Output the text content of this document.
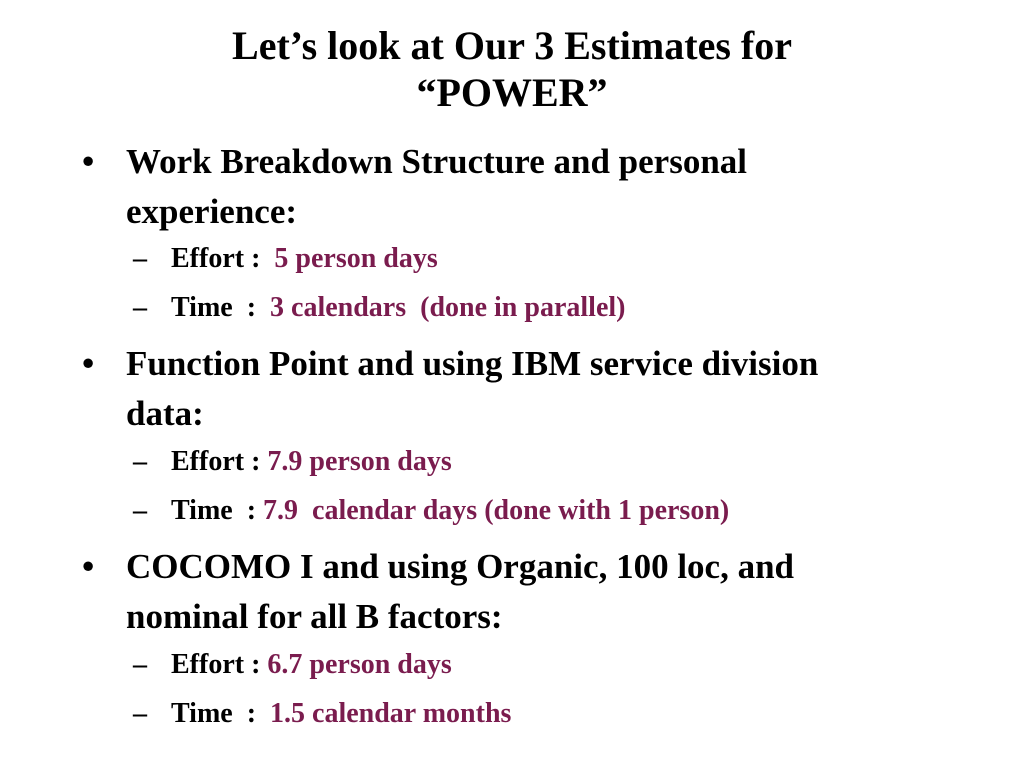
Let’s look at Our 3 Estimates for
“POWER”
• Work Breakdown Structure and personal
experience:
– Effort :  5 person days
– Time  :  3 calendars  (done in parallel)
• Function Point and using IBM service division
data:
– Effort : 7.9 person days
– Time  : 7.9  calendar days (done with 1 person)
• COCOMO I and using Organic, 100 loc, and
nominal for all B factors:
– Effort : 6.7 person days
– Time  :  1.5 calendar months
